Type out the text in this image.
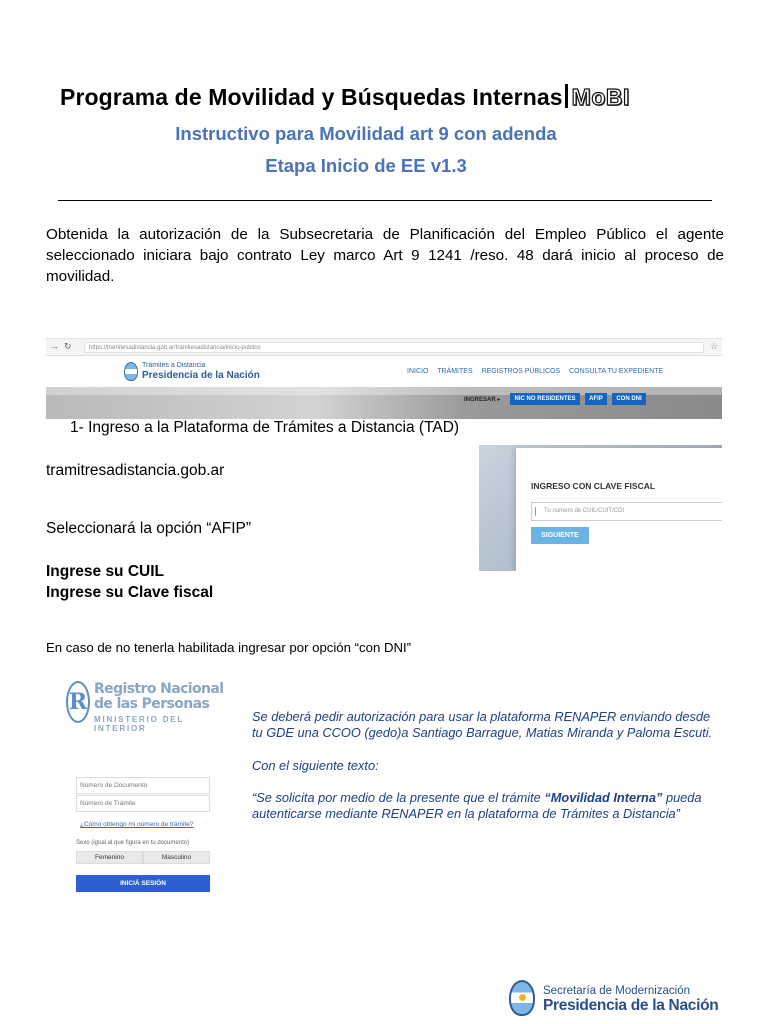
Programa de Movilidad y Búsquedas Internas MoBI
Instructivo para Movilidad art 9 con adenda
Etapa Inicio de EE v1.3

Obtenida la autorización de la Subsecretaria de Planificación del Empleo Público el agente seleccionado iniciara bajo contrato Ley marco Art 9 1241 /reso. 48 dará inicio al proceso de movilidad.

→ ↻	https://tramitesadistancia.gob.ar/tramitesadistancia/inicio-publico	☆
Trámites a Distancia
Presidencia de la Nación	INICIO TRÁMITES REGISTROS PÚBLICOS CONSULTA TU EXPEDIENTE
INGRESAR ▸	NIC NO RESIDENTES	AFIP	CON DNI
1- Ingreso a la Plataforma de Trámites a Distancia (TAD)
INGRESO CON CLAVE FISCAL
Tu numero de CUIL/CUIT/CDI
SIGUIENTE
tramitresadistancia.gob.ar
Seleccionará la opción “AFIP”
Ingrese su CUIL
Ingrese su Clave fiscal
En caso de no tenerla habilitada ingresar por opción “con DNI”
R Registro Nacional
de las Personas
MINISTERIO DEL INTERIOR
Número de Documento
Número de Trámite
¿Cómo obtengo mi número de trámite?
Sexo (igual al que figura en tu documento)
Femenino	Masculino
INICIÁ SESIÓN

Se deberá pedir autorización para usar la plataforma RENAPER enviando desde tu GDE una CCOO (gedo)a Santiago Barrague, Matias Miranda y Paloma Escuti.

Con el siguiente texto:

“Se solicita por medio de la presente que el trámite “Movilidad Interna” pueda autenticarse mediante RENAPER en la plataforma de Trámites a Distancia”

Secretaría de Modernización
Presidencia de la Nación
